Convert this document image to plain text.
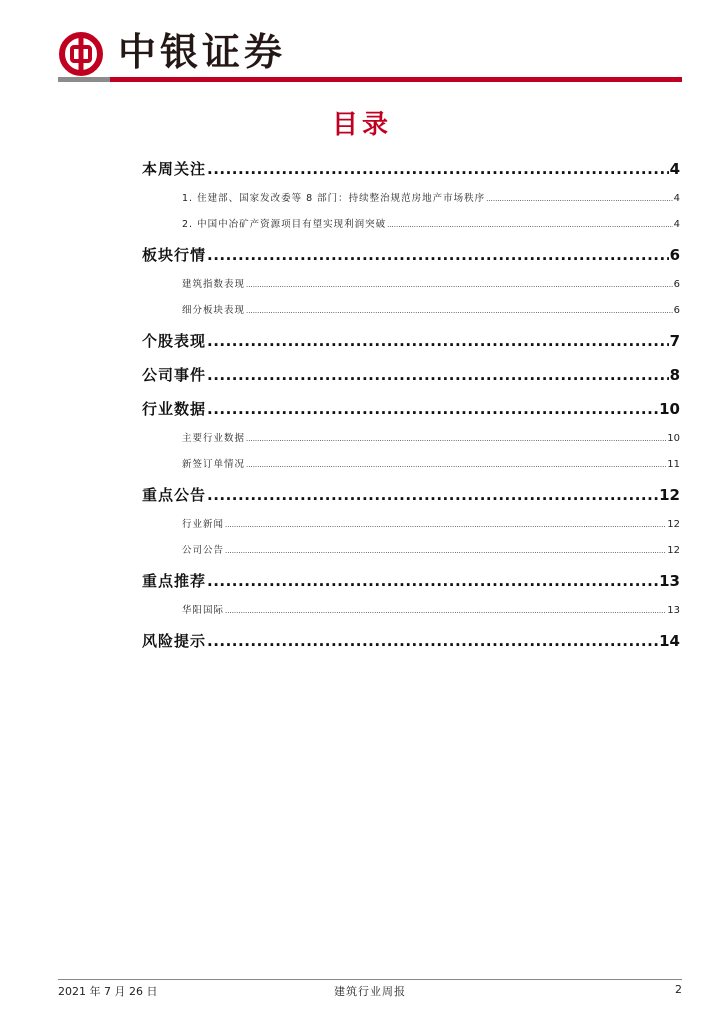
中银证券
目录
本周关注 .....	4
1. 住建部、国家发改委等 8 部门：持续整治规范房地产市场秩序 .....	4
2. 中国中冶矿产资源项目有望实现利润突破 .....	4
板块行情 .....	6
建筑指数表现 .....	6
细分板块表现 .....	6
个股表现 .....	7
公司事件 .....	8
行业数据 .....	10
主要行业数据 .....	10
新签订单情况 .....	11
重点公告 .....	12
行业新闻 .....	12
公司公告 .....	12
重点推荐 .....	13
华阳国际 .....	13
风险提示 .....	14
2021 年 7 月 26 日	建筑行业周报	2
